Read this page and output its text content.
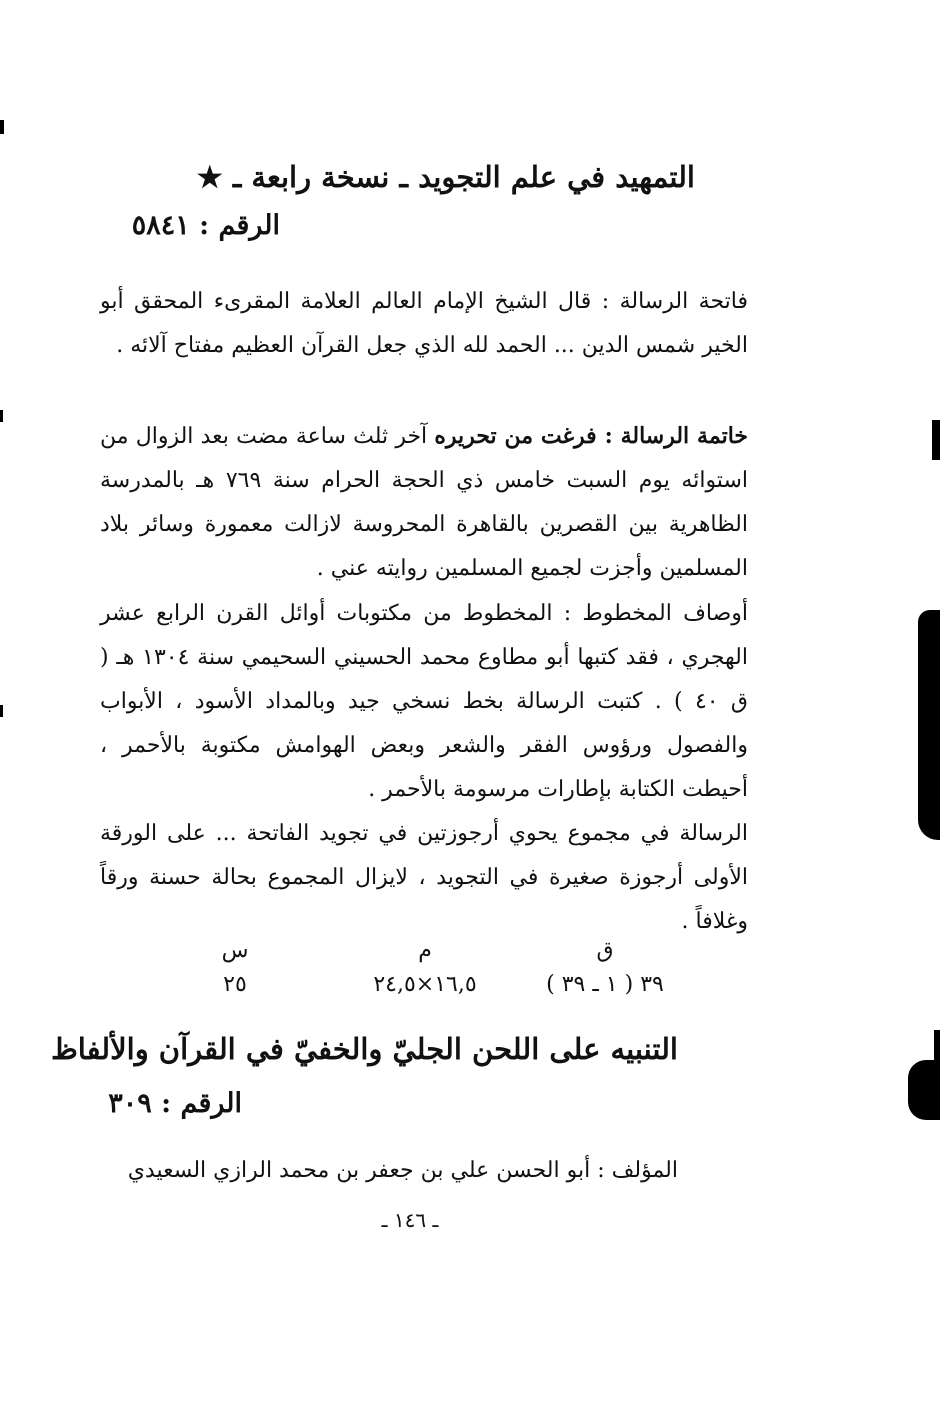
التمهيد في علم التجويد ـ نسخة رابعة ـ ★
الرقم : ٥٨٤١
فاتحة الرسالة : قال الشيخ الإمام العالم العلامة المقرىء المحقق أبو الخير شمس الدين ... الحمد لله الذي جعل القرآن العظيم مفتاح آلائه .
خاتمة الرسالة : فرغت من تحريره آخر ثلث ساعة مضت بعد الزوال من استوائه يوم السبت خامس ذي الحجة الحرام سنة ٧٦٩ هـ بالمدرسة الظاهرية بين القصرين بالقاهرة المحروسة لازالت معمورة وسائر بلاد المسلمين وأجزت لجميع المسلمين روايته عني .
أوصاف المخطوط : المخطوط من مكتوبات أوائل القرن الرابع عشر الهجري ، فقد كتبها أبو مطاوع محمد الحسيني السحيمي سنة ١٣٠٤ هـ ( ق ٤٠ ) . كتبت الرسالة بخط نسخي جيد وبالمداد الأسود ، الأبواب والفصول ورؤوس الفقر والشعر وبعض الهوامش مكتوبة بالأحمر ، أحيطت الكتابة بإطارات مرسومة بالأحمر .
الرسالة في مجموع يحوي أرجوزتين في تجويد الفاتحة ... على الورقة الأولى أرجوزة صغيرة في التجويد ، لايزال المجموع بحالة حسنة ورقاً وغلافاً .
ق
م
س
٣٩ ( ١ ـ ٣٩ )
١٦,٥×٢٤,٥
٢٥
التنبيه على اللحن الجليّ والخفيّ في القرآن والألفاظ
الرقم : ٣٠٩
المؤلف : أبو الحسن علي بن جعفر بن محمد الرازي السعيدي
ـ ١٤٦ ـ
